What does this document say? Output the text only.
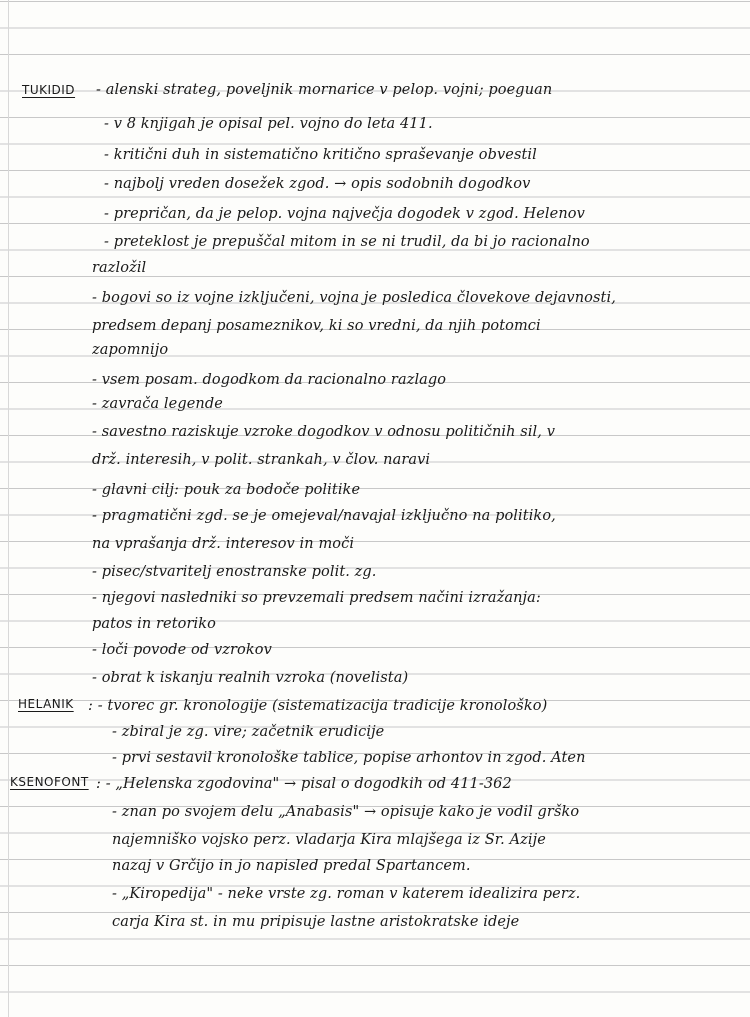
TUKIDID
HELANIK
KSENOFONT
- alenski strateg, poveljnik mornarice v pelop. vojni; poeguan
- v 8 knjigah je opisal pel. vojno do leta 411.
- kritični duh in sistematično kritično spraševanje obvestil
- najbolj vreden dosežek zgod. → opis sodobnih dogodkov
- prepričan, da je pelop. vojna največja dogodek v zgod. Helenov
- preteklost je prepuščal mitom in se ni trudil, da bi jo racionalno
razložil
- bogovi so iz vojne izključeni, vojna je posledica človekove dejavnosti,
predsem depanj posameznikov, ki so vredni, da njih potomci
zapomnijo
- vsem posam. dogodkom da racionalno razlago
- zavrača legende
- savestno raziskuje vzroke dogodkov v odnosu političnih sil, v
drž. interesih, v polit. strankah, v člov. naravi
- glavni cilj: pouk za bodoče politike
- pragmatični zgd. se je omejeval/navajal izključno na politiko,
na vprašanja drž. interesov in moči
- pisec/stvaritelj enostranske polit. zg.
- njegovi nasledniki so prevzemali predsem načini izražanja:
patos in retoriko
- loči povode od vzrokov
- obrat k iskanju realnih vzroka (novelista)
: - tvorec gr. kronologije (sistematizacija tradicije kronološko)
- zbiral je zg. vire; začetnik erudicije
- prvi sestavil kronološke tablice, popise arhontov in zgod. Aten
: - „Helenska zgodovina" → pisal o dogodkih od 411-362
- znan po svojem delu „Anabasis" → opisuje kako je vodil grško
najemniško vojsko perz. vladarja Kira mlajšega iz Sr. Azije
nazaj v Grčijo in jo napisled predal Spartancem.
- „Kiropedija" - neke vrste zg. roman v katerem idealizira perz.
carja Kira st. in mu pripisuje lastne aristokratske ideje
